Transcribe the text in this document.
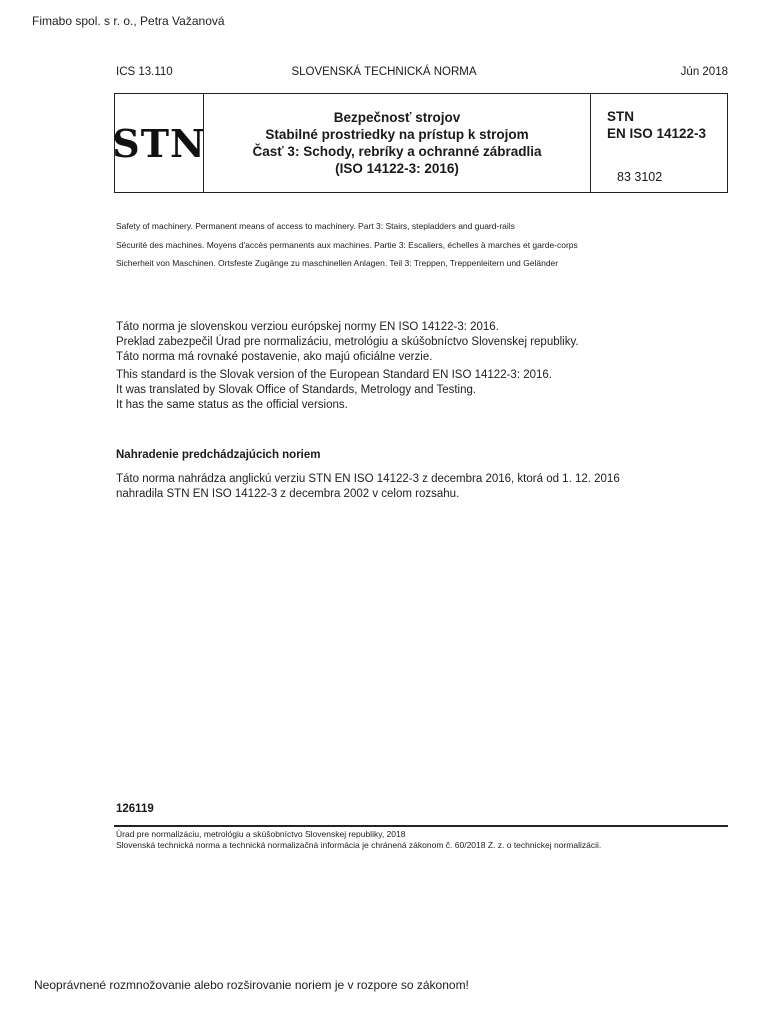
Fimabo spol. s r. o., Petra Važanová
ICS 13.110	SLOVENSKÁ TECHNICKÁ NORMA	Jún 2018
STN
Bezpečnosť strojov
Stabilné prostriedky na prístup k strojom
Časť 3: Schody, rebríky a ochranné zábradlia
(ISO 14122-3: 2016)
STN
EN ISO 14122-3
83 3102
Safety of machinery. Permanent means of access to machinery. Part 3: Stairs, stepladders and guard-rails
Sécurité des machines. Moyens d'accès permanents aux machines. Partie 3: Escaliers, échelles à marches et garde-corps
Sicherheit von Maschinen. Ortsfeste Zugänge zu maschinellen Anlagen. Teil 3: Treppen, Treppenleitern und Geländer
Táto norma je slovenskou verziou európskej normy EN ISO 14122-3: 2016.
Preklad zabezpečil Úrad pre normalizáciu, metrológiu a skúšobníctvo Slovenskej republiky.
Táto norma má rovnaké postavenie, ako majú oficiálne verzie.
This standard is the Slovak version of the European Standard EN ISO 14122-3: 2016.
It was translated by Slovak Office of Standards, Metrology and Testing.
It has the same status as the official versions.
Nahradenie predchádzajúcich noriem
Táto norma nahrádza anglickú verziu STN EN ISO 14122-3 z decembra 2016, ktorá od 1. 12. 2016
nahradila STN EN ISO 14122-3 z decembra 2002 v celom rozsahu.
126119
Úrad pre normalizáciu, metrológiu a skúšobníctvo Slovenskej republiky, 2018
Slovenská technická norma a technická normalizačná informácia je chránená zákonom č. 60/2018 Z. z. o technickej normalizácii.
Neoprávnené rozmnožovanie alebo rozširovanie noriem je v rozpore so zákonom!
